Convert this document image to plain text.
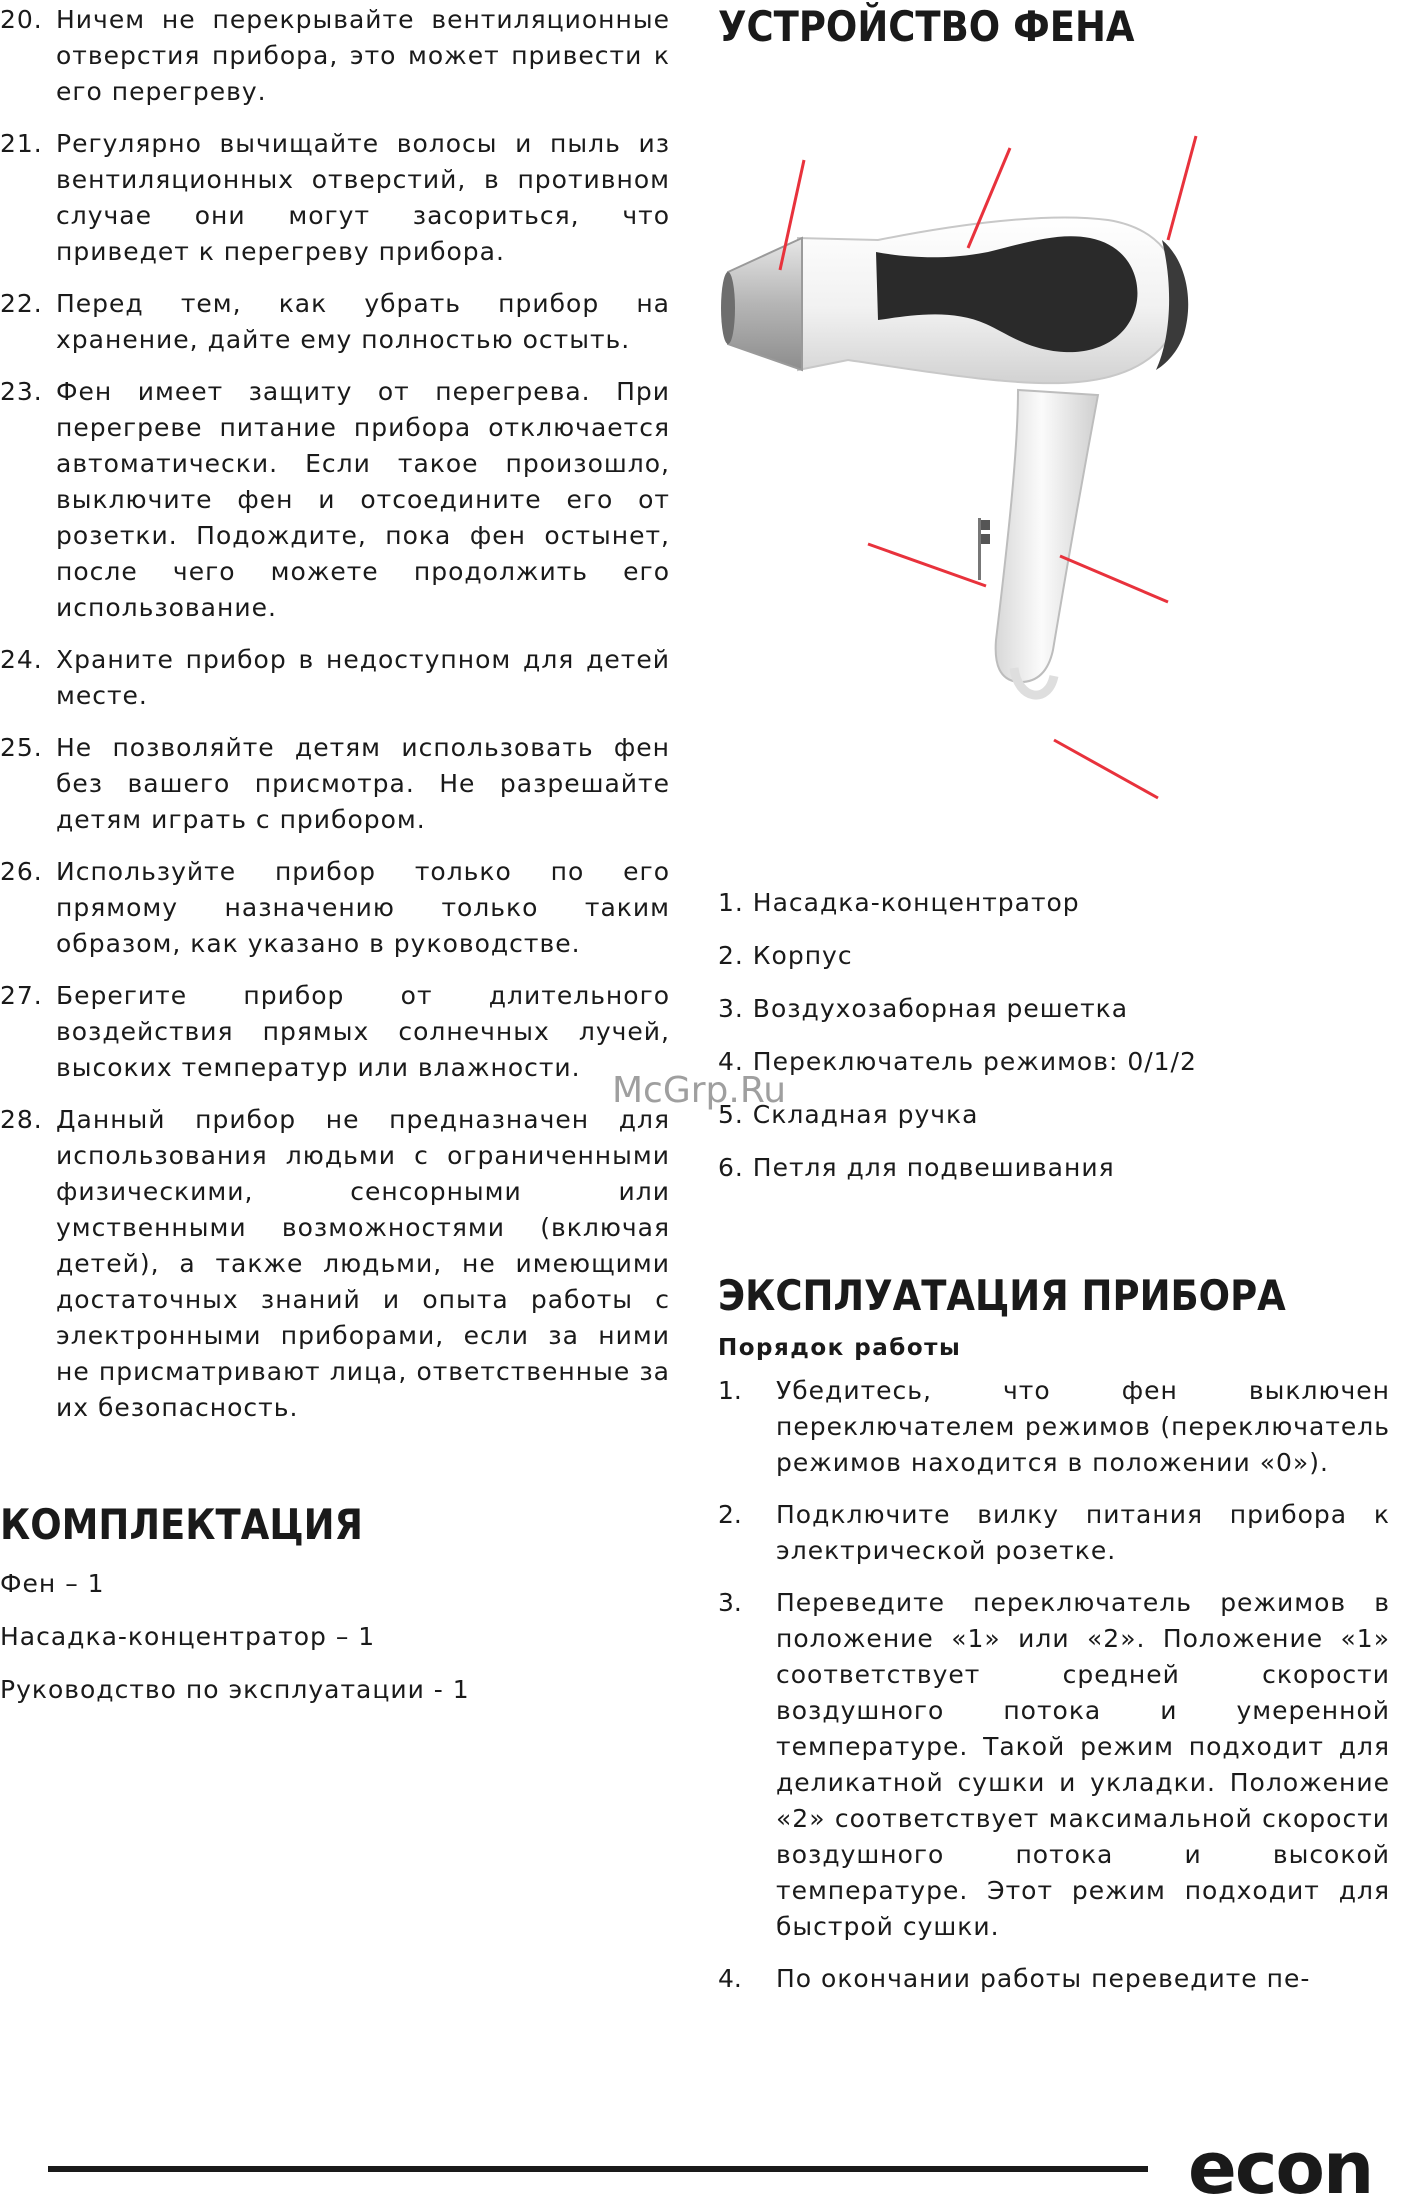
20. Ничем не перекрывайте вентиляционные отверстия прибора, это может привести к его перегреву.
21. Регулярно вычищайте волосы и пыль из вентиляционных отверстий, в противном случае они могут засориться, что приведет к перегреву прибора.
22. Перед тем, как убрать прибор на хранение, дайте ему полностью остыть.
23. Фен имеет защиту от перегрева. При перегреве питание прибора отключается автоматически. Если такое произошло, выключите фен и отсоедините его от розетки. Подождите, пока фен остынет, после чего можете продолжить его использование.
24. Храните прибор в недоступном для детей месте.
25. Не позволяйте детям использовать фен без вашего присмотра. Не разрешайте детям играть с прибором.
26. Используйте прибор только по его прямому назначению только таким образом, как указано в руководстве.
27. Берегите прибор от длительного воздействия прямых солнечных лучей, высоких температур или влажности.
28. Данный прибор не предназначен для использования людьми с ограниченными физическими, сенсорными или умственными возможностями (включая детей), а также людьми, не имеющими достаточных знаний и опыта работы с электронными приборами, если за ними не присматривают лица, ответственные за их безопасность.
КОМПЛЕКТАЦИЯ

Фен – 1

Насадка-концентратор – 1

Руководство по эксплуатации - 1

УСТРОЙСТВО ФЕНА
1. Насадка-концентратор
2. Корпус
3. Воздухозаборная решетка
4. Переключатель режимов: 0/1/2
5. Складная ручка
6. Петля для подвешивания
ЭКСПЛУАТАЦИЯ ПРИБОРА

Порядок работы

1.	Убедитесь, что фен выключен переключателем режимов (переключатель режимов находится в положении «0»).
2.	Подключите вилку питания прибора к электрической розетке.
3.	Переведите переключатель режимов в положение «1» или «2». Положение «1» соответствует средней скорости воздушного потока и умеренной температуре. Такой режим подходит для деликатной сушки и укладки. Положение «2» соответствует максимальной скорости воздушного потока и высокой температуре. Этот режим подходит для быстрой сушки.
4.	По окончании работы переведите пе-
McGrp.Ru
econ
